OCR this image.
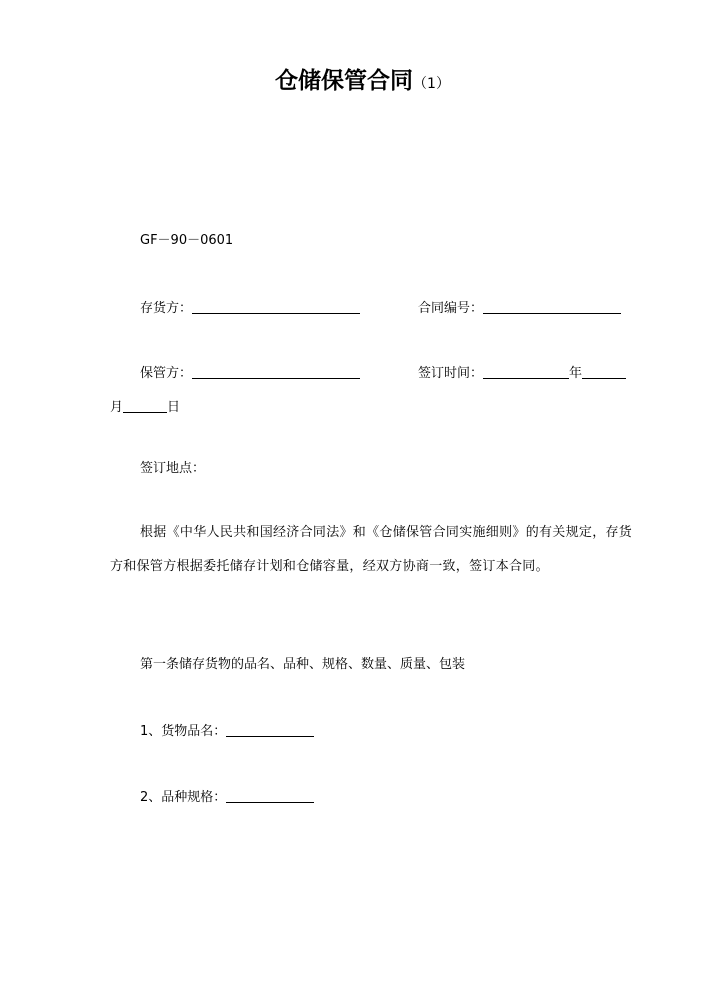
仓储保管合同（1）
GF－90－0601
存货方：	合同编号：
保管方：	签订时间：	年
月	日
签订地点：
根据《中华人民共和国经济合同法》和《仓储保管合同实施细则》的有关规定，存货方和保管方根据委托储存计划和仓储容量，经双方协商一致，签订本合同。
第一条储存货物的品名、品种、规格、数量、质量、包装
1、货物品名：
2、品种规格：
